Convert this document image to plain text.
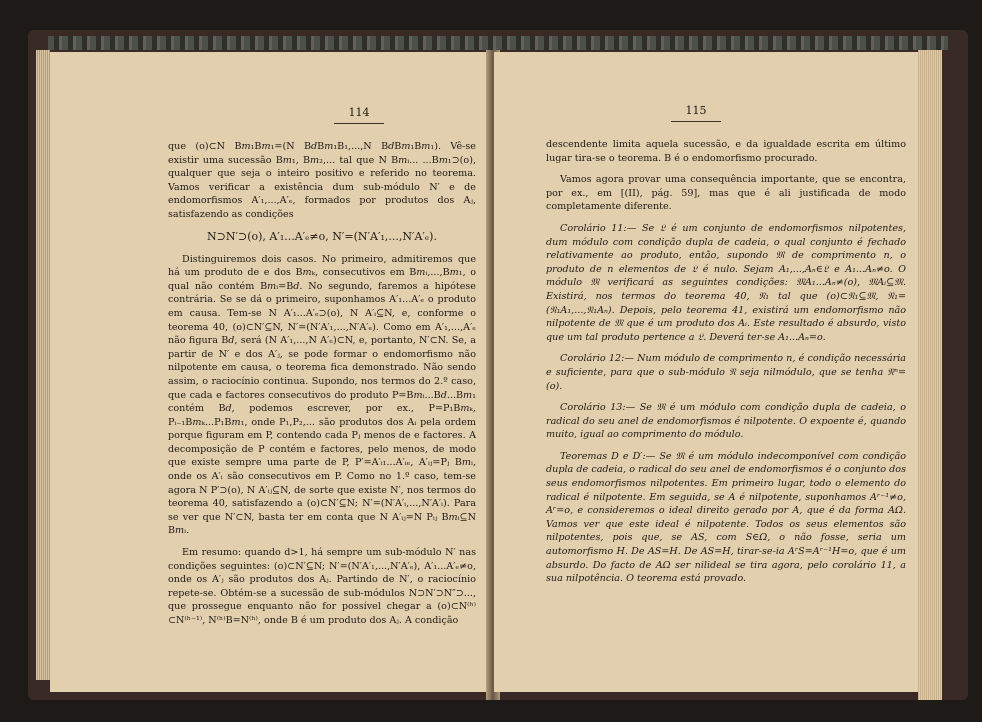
114

que (o)⊂N B𝑚₁B𝑚₁=(N B𝑑B𝑚₁B₁,...,N B𝑑B𝑚₁B𝑚₁). Vê-se existir uma sucessão B𝑚₁, B𝑚₂,... tal que N B𝑚ᵢ... ...B𝑚₁⊃(o), qualquer que seja o inteiro positivo e referido no teorema. Vamos verificar a existência dum sub-módulo N′ e de endomorfismos A′₁,...,A′ₑ, formados por produtos dos Aⱼ, satisfazendo as condições

N⊃N′⊃(o), A′₁...A′ₑ≠o, N′=(N′A′₁,...,N′A′ₑ).

Distinguiremos dois casos. No primeiro, admitiremos que há um produto de e dos B𝑚ₖ, consecutivos em B𝑚ᵢ,...,B𝑚₁, o qual não contém B𝑚ᵢ=B𝑑. No segundo, faremos a hipótese contrária. Se se dá o primeiro, suponhamos A′₁...A′ₑ o produto em causa. Tem-se N A′₁...A′ₑ⊃(o), N A′ᵢ⊆N, e, conforme o teorema 40, (o)⊂N′⊆N, N′=(N′A′₁,...,N′A′ₑ). Como em A′₁,...,A′ₑ não figura B𝑑, será (N A′₁,...,N A′ₑ)⊂N, e, portanto, N′⊂N. Se, a partir de N′ e dos A′ⱼ, se pode formar o endomorfismo não nilpotente em causa, o teorema fica demonstrado. Não sendo assim, o raciocínio continua. Supondo, nos termos do 2.º caso, que cada e factores consecutivos do produto P=B𝑚ᵢ...B𝑑...B𝑚₁ contém B𝑑, podemos escrever, por ex., P=P₁B𝑚ₖ, Pᵢ₋₁B𝑚ₖ...P₁B𝑚₁, onde P₁,P₂,... são produtos dos Aᵢ pela ordem porque figuram em P, contendo cada Pⱼ menos de e factores. A decomposição de P contém e factores, pelo menos, de modo que existe sempre uma parte de P, P′=A′ᵢ₁...A′ᵢₑ, A′ᵢⱼ=Pⱼ B𝑚ᵢ, onde os A′ᵢ são consecutivos em P. Como no 1.º caso, tem-se agora N P′⊃(o), N A′ᵢⱼ⊆N, de sorte que existe N′, nos termos do teorema 40, satisfazendo a (o)⊂N′⊆N; N′=(N′A′ᵢ,...,N′A′ᵢ). Para se ver que N′⊂N, basta ter em conta que N A′ᵢⱼ=N Pᵢⱼ B𝑚ᵢ⊆N B𝑚ᵢ.

Em resumo: quando d>1, há sempre um sub-módulo N′ nas condições seguintes: (o)⊂N′⊆N; N′=(N′A′₁,...,N′A′ₑ), A′₁...A′ₑ≠o, onde os A′ⱼ são produtos dos Aⱼ. Partindo de N′, o raciocínio repete-se. Obtém-se a sucessão de sub-módulos N⊃N′⊃N″⊃..., que prossegue enquanto não for possível chegar a (o)⊂N⁽ʰ⁾⊂N⁽ʰ⁻¹⁾, N⁽ʰ⁾B=N⁽ʰ⁾, onde B é um produto dos Aⱼ. A condição

115

descendente limita aquela sucessão, e da igualdade escrita em último lugar tira-se o teorema. B é o endomorfismo procurado.

Vamos agora provar uma consequência importante, que se encontra, por ex., em [(II), pág. 59], mas que é ali justificada de modo completamente diferente.

Corolário 11:— Se 𝔏 é um conjunto de endomorfismos nilpotentes, dum módulo com condição dupla de cadeia, o qual conjunto é fechado relativamente ao produto, então, supondo 𝔐 de comprimento n, o produto de n elementos de 𝔏 é nulo. Sejam A₁,...,Aₙ∈𝔏 e A₁...Aₙ≠o. O módulo 𝔐 verificará as seguintes condições: 𝔐A₁...Aₙ≠(o), 𝔐Aᵢ⊆𝔐. Existirá, nos termos do teorema 40, 𝔑₁ tal que (o)⊂𝔑₁⊆𝔐, 𝔑₁=(𝔑₁A₁,...,𝔑₁Aₙ). Depois, pelo teorema 41, existirá um endomorfismo não nilpotente de 𝔐 que é um produto dos Aᵢ. Este resultado é absurdo, visto que um tal produto pertence a 𝔏. Deverá ter-se A₁...Aₙ=o.

Corolário 12:— Num módulo de comprimento n, é condição necessária e suficiente, para que o sub-módulo 𝔑 seja nilmódulo, que se tenha 𝔑ⁿ=(o).

Corolário 13:— Se 𝔐 é um módulo com condição dupla de cadeia, o radical do seu anel de endomorfismos é nilpotente. O expoente é, quando muito, igual ao comprimento do módulo.

Teoremas D e D′:— Se 𝔐 é um módulo indecomponível com condição dupla de cadeia, o radical do seu anel de endomorfismos é o conjunto dos seus endomorfismos nilpotentes. Em primeiro lugar, todo o elemento do radical é nilpotente. Em seguida, se A é nilpotente, suponhamos Aʳ⁻¹≠o, Aʳ=o, e consideremos o ideal direito gerado por A, que é da forma AΩ. Vamos ver que este ideal é nilpotente. Todos os seus elementos são nilpotentes, pois que, se AS, com S∈Ω, o não fosse, seria um automorfismo H. De AS=H. De AS=H, tirar-se-ia AʳS=Aʳ⁻¹H=o, que é um absurdo. Do facto de AΩ ser nilideal se tira agora, pelo corolário 11, a sua nilpotência. O teorema está provado.
